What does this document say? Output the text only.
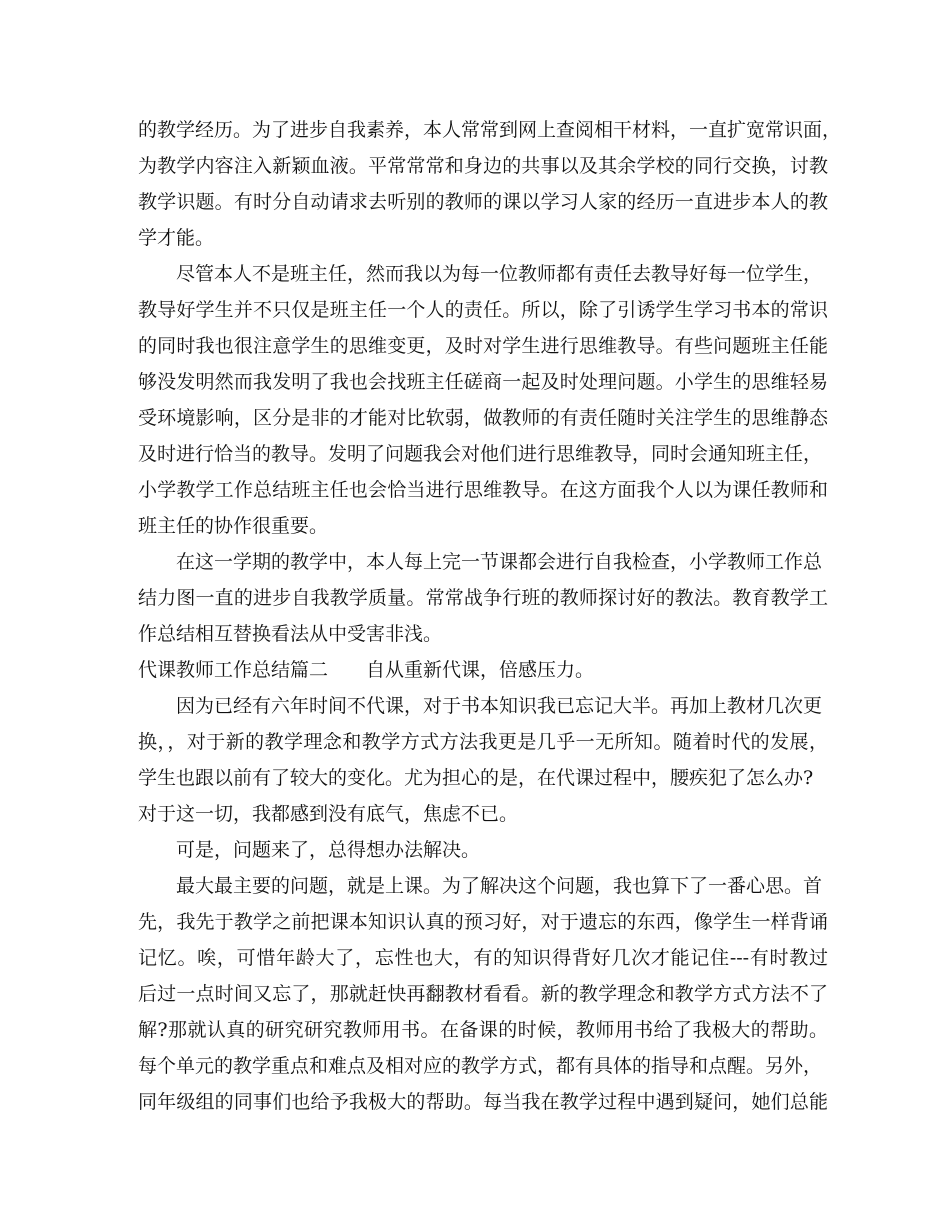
的教学经历。为了进步自我素养，本人常常到网上查阅相干材料，一直扩宽常识面，
为教学内容注入新颖血液。平常常常和身边的共事以及其余学校的同行交换，讨教
教学识题。有时分自动请求去听别的教师的课以学习人家的经历一直进步本人的教
学才能。
尽管本人不是班主任，然而我以为每一位教师都有责任去教导好每一位学生，
教导好学生并不只仅是班主任一个人的责任。所以，除了引诱学生学习书本的常识
的同时我也很注意学生的思维变更，及时对学生进行思维教导。有些问题班主任能
够没发明然而我发明了我也会找班主任磋商一起及时处理问题。小学生的思维轻易
受环境影响，区分是非的才能对比软弱，做教师的有责任随时关注学生的思维静态
及时进行恰当的教导。发明了问题我会对他们进行思维教导，同时会通知班主任，
小学教学工作总结班主任也会恰当进行思维教导。在这方面我个人以为课任教师和
班主任的协作很重要。
在这一学期的教学中，本人每上完一节课都会进行自我检查，小学教师工作总
结力图一直的进步自我教学质量。常常战争行班的教师探讨好的教法。教育教学工
作总结相互替换看法从中受害非浅。
代课教师工作总结篇二 自从重新代课，倍感压力。
因为已经有六年时间不代课，对于书本知识我已忘记大半。再加上教材几次更
换，，对于新的教学理念和教学方式方法我更是几乎一无所知。随着时代的发展，
学生也跟以前有了较大的变化。尤为担心的是，在代课过程中，腰疾犯了怎么办?
对于这一切，我都感到没有底气，焦虑不已。
可是，问题来了，总得想办法解决。
最大最主要的问题，就是上课。为了解决这个问题，我也算下了一番心思。首
先，我先于教学之前把课本知识认真的预习好，对于遗忘的东西，像学生一样背诵
记忆。唉，可惜年龄大了，忘性也大，有的知识得背好几次才能记住---有时教过
后过一点时间又忘了，那就赶快再翻教材看看。新的教学理念和教学方式方法不了
解?那就认真的研究研究教师用书。在备课的时候，教师用书给了我极大的帮助。
每个单元的教学重点和难点及相对应的教学方式，都有具体的指导和点醒。另外，
同年级组的同事们也给予我极大的帮助。每当我在教学过程中遇到疑问，她们总能
